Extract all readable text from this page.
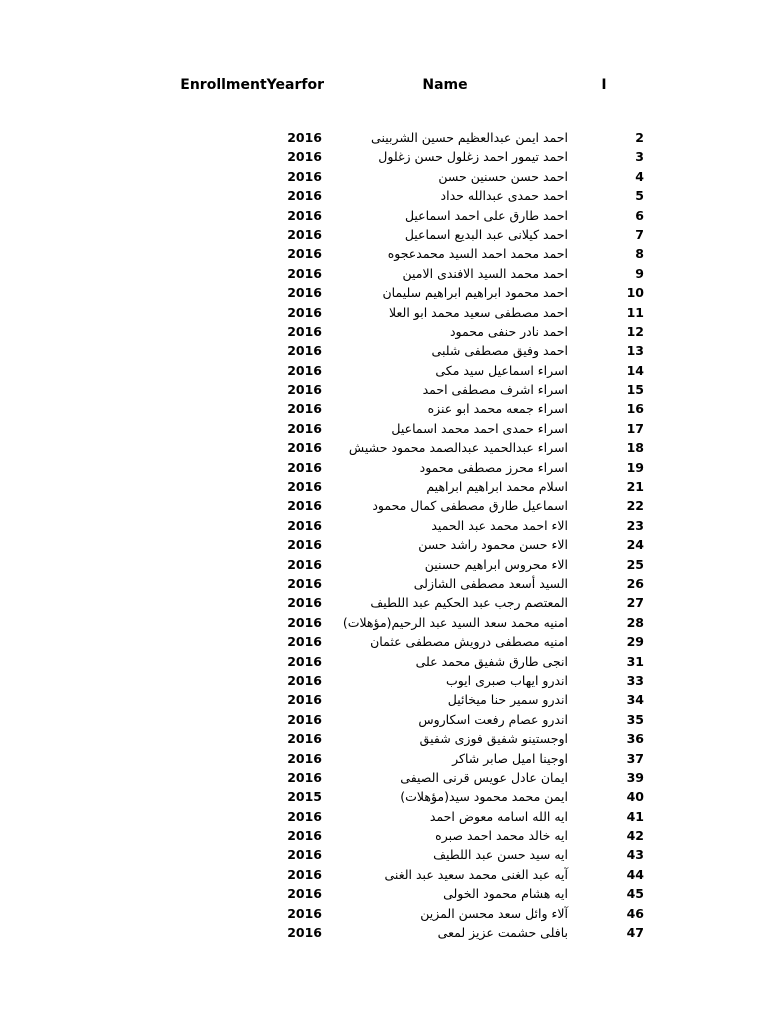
EnrollmentYearfor	Name	I
2016	احمد ايمن عبدالعظيم حسين الشربينى	2
2016	احمد تيمور احمد زغلول حسن زغلول	3
2016	احمد حسن حسنين حسن	4
2016	احمد حمدى عبدالله حداد	5
2016	احمد طارق على احمد اسماعيل	6
2016	احمد كيلانى عبد البديع اسماعيل	7
2016	احمد محمد احمد السيد محمدعجوه	8
2016	احمد محمد السيد الافندى الامين	9
2016	احمد محمود ابراهيم ابراهيم سليمان	10
2016	احمد مصطفى سعيد محمد ابو العلا	11
2016	احمد نادر حنفى محمود	12
2016	احمد وفيق مصطفى شلبى	13
2016	اسراء اسماعيل سيد مكى	14
2016	اسراء اشرف مصطفى احمد	15
2016	اسراء جمعه محمد ابو عنزه	16
2016	اسراء حمدى احمد محمد اسماعيل	17
2016	اسراء عبدالحميد عبدالصمد محمود حشيش	18
2016	اسراء محرز مصطفى محمود	19
2016	اسلام محمد ابراهيم ابراهيم	21
2016	اسماعيل طارق مصطفى كمال محمود	22
2016	الاء احمد محمد عبد الحميد	23
2016	الاء حسن محمود راشد حسن	24
2016	الاء محروس ابراهيم حسنين	25
2016	السيد أسعد مصطفى الشازلى	26
2016	المعتصم رجب عبد الحكيم عبد اللطيف	27
2016	امنيه محمد سعد السيد عبد الرحيم(مؤهلات)	28
2016	امنيه مصطفى درويش مصطفى عثمان	29
2016	انجى طارق شفيق محمد على	31
2016	اندرو ايهاب صبرى ايوب	33
2016	اندرو سمير حنا ميخائيل	34
2016	اندرو عصام رفعت اسكاروس	35
2016	اوجستينو شفيق فوزى شفيق	36
2016	اوجينا اميل صابر شاكر	37
2016	ايمان عادل عويس قرنى الصيفى	39
2015	ايمن محمد محمود سيد(مؤهلات)	40
2016	ايه الله اسامه معوض احمد	41
2016	ايه خالد محمد احمد صبره	42
2016	ايه سيد حسن عبد اللطيف	43
2016	آيه عبد الغنى محمد سعيد عبد الغنى	44
2016	ايه هشام محمود الخولى	45
2016	آلاء وائل سعد محسن المزين	46
2016	بافلى حشمت عزيز لمعى	47
